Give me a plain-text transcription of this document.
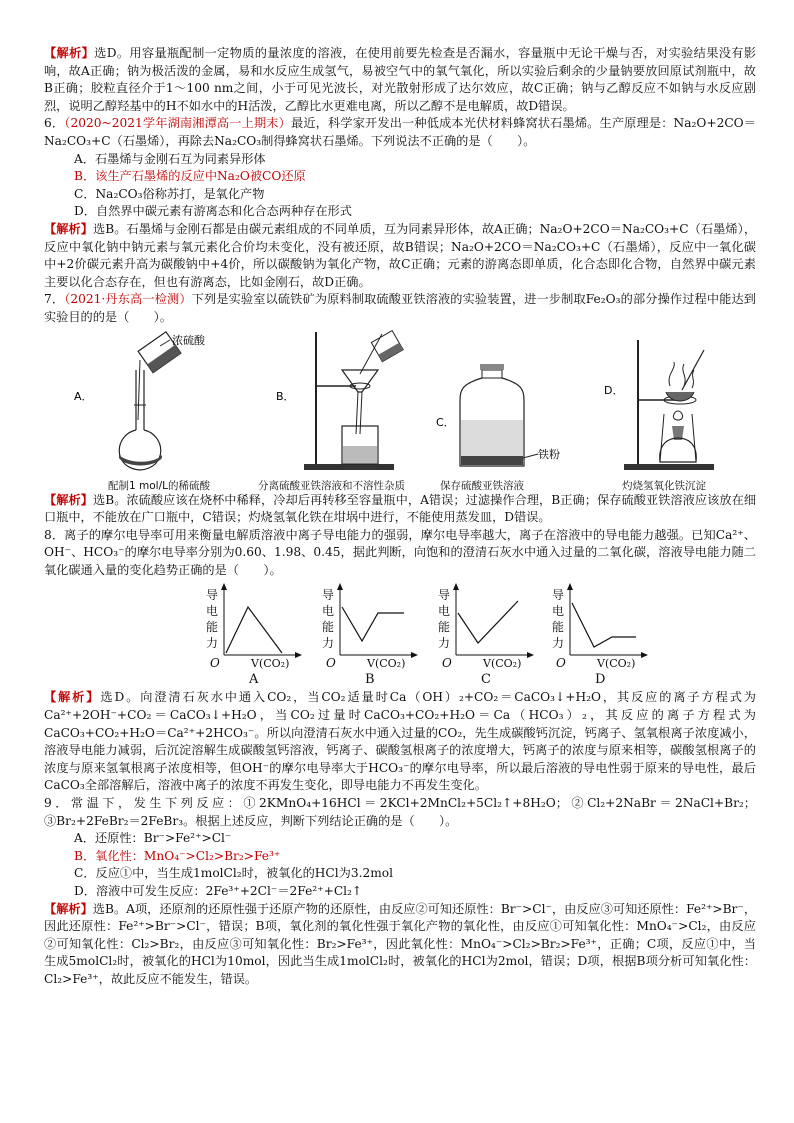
【解析】选D。用容量瓶配制一定物质的量浓度的溶液，在使用前要先检查是否漏水，容量瓶中无论干燥与否，对实验结果没有影响，故A正确；钠为极活泼的金属，易和水反应生成氢气，易被空气中的氧气氧化，所以实验后剩余的少量钠要放回原试剂瓶中，故B正确；胶粒直径介于1～100 nm之间，小于可见光波长，对光散射形成了达尔效应，故C正确；钠与乙醇反应不如钠与水反应剧烈，说明乙醇羟基中的H不如水中的H活泼，乙醇比水更难电离，所以乙醇不是电解质，故D错误。

6．（2020~2021学年湖南湘潭高一上期末）最近，科学家开发出一种低成本光伏材料蜂窝状石墨烯。生产原理是：Na₂O+2CO＝Na₂CO₃+C（石墨烯），再除去Na₂CO₃制得蜂窝状石墨烯。下列说法不正确的是（　　）。

A．石墨烯与金刚石互为同素异形体

B．该生产石墨烯的反应中Na₂O被CO还原

C．Na₂CO₃俗称苏打，是氧化产物

D．自然界中碳元素有游离态和化合态两种存在形式

【解析】选B。石墨烯与金刚石都是由碳元素组成的不同单质，互为同素异形体，故A正确；Na₂O+2CO＝Na₂CO₃+C（石墨烯），反应中氧化钠中钠元素与氧元素化合价均未变化，没有被还原，故B错误；Na₂O+2CO＝Na₂CO₃+C（石墨烯），反应中一氧化碳中+2价碳元素升高为碳酸钠中+4价，所以碳酸钠为氧化产物，故C正确；元素的游离态即单质，化合态即化合物，自然界中碳元素主要以化合态存在，但也有游离态，比如金刚石，故D正确。

7．（2021·丹东高一检测）下列是实验室以硫铁矿为原料制取硫酸亚铁溶液的实验装置，进一步制取Fe₂O₃的部分操作过程中能达到实验目的的是（　　）。

A．
浓硫酸
配制1 mol/L的稀硫酸
B．
分离硫酸亚铁溶液和不溶性杂质
C．
铁粉
保存硫酸亚铁溶液
D．
灼烧氢氧化铁沉淀

【解析】选B。浓硫酸应该在烧杯中稀释，冷却后再转移至容量瓶中，A错误；过滤操作合理，B正确；保存硫酸亚铁溶液应该放在细口瓶中，不能放在广口瓶中，C错误；灼烧氢氧化铁在坩埚中进行，不能使用蒸发皿，D错误。

8．离子的摩尔电导率可用来衡量电解质溶液中离子导电能力的强弱，摩尔电导率越大，离子在溶液中的导电能力越强。已知Ca²⁺、OH⁻、HCO₃⁻的摩尔电导率分别为0.60、1.98、0.45，据此判断，向饱和的澄清石灰水中通入过量的二氧化碳，溶液导电能力随二氧化碳通入量的变化趋势正确的是（　　）。

导
电
能
力
O	V(CO₂)
A
导
电
能
力
O	V(CO₂)
B
导
电
能
力
O	V(CO₂)
C
导
电
能
力
O	V(CO₂)
D

【解析】选D。向澄清石灰水中通入CO₂，当CO₂适量时Ca（OH）₂+CO₂＝CaCO₃↓+H₂O，其反应的离子方程式为Ca²⁺+2OH⁻+CO₂＝CaCO₃↓+H₂O，当CO₂过量时CaCO₃+CO₂+H₂O＝Ca（HCO₃）₂，其反应的离子方程式为CaCO₃+CO₂+H₂O＝Ca²⁺+2HCO₃⁻。所以向澄清石灰水中通入过量的CO₂，先生成碳酸钙沉淀，钙离子、氢氧根离子浓度减小，溶液导电能力减弱，后沉淀溶解生成碳酸氢钙溶液，钙离子、碳酸氢根离子的浓度增大，钙离子的浓度与原来相等，碳酸氢根离子的浓度与原来氢氧根离子浓度相等，但OH⁻的摩尔电导率大于HCO₃⁻的摩尔电导率，所以最后溶液的导电性弱于原来的导电性，最后CaCO₃全部溶解后，溶液中离子的浓度不再发生变化，即导电能力不再发生变化。

9．常温下，发生下列反应：①2KMnO₄+16HCl＝2KCl+2MnCl₂+5Cl₂↑+8H₂O；②Cl₂+2NaBr＝2NaCl+Br₂；③Br₂+2FeBr₂＝2FeBr₃。根据上述反应，判断下列结论正确的是（　　）。

A．还原性：Br⁻>Fe²⁺>Cl⁻

B．氧化性：MnO₄⁻>Cl₂>Br₂>Fe³⁺

C．反应①中，当生成1molCl₂时，被氧化的HCl为3.2mol

D．溶液中可发生反应：2Fe³⁺+2Cl⁻＝2Fe²⁺+Cl₂↑

【解析】选B。A项，还原剂的还原性强于还原产物的还原性，由反应②可知还原性：Br⁻>Cl⁻，由反应③可知还原性：Fe²⁺>Br⁻，因此还原性：Fe²⁺>Br⁻>Cl⁻，错误；B项，氧化剂的氧化性强于氧化产物的氧化性，由反应①可知氧化性：MnO₄⁻>Cl₂，由反应②可知氧化性：Cl₂>Br₂，由反应③可知氧化性：Br₂>Fe³⁺，因此氧化性：MnO₄⁻>Cl₂>Br₂>Fe³⁺，正确；C项，反应①中，当生成5molCl₂时，被氧化的HCl为10mol，因此当生成1molCl₂时，被氧化的HCl为2mol，错误；D项，根据B项分析可知氧化性：Cl₂>Fe³⁺，故此反应不能发生，错误。
